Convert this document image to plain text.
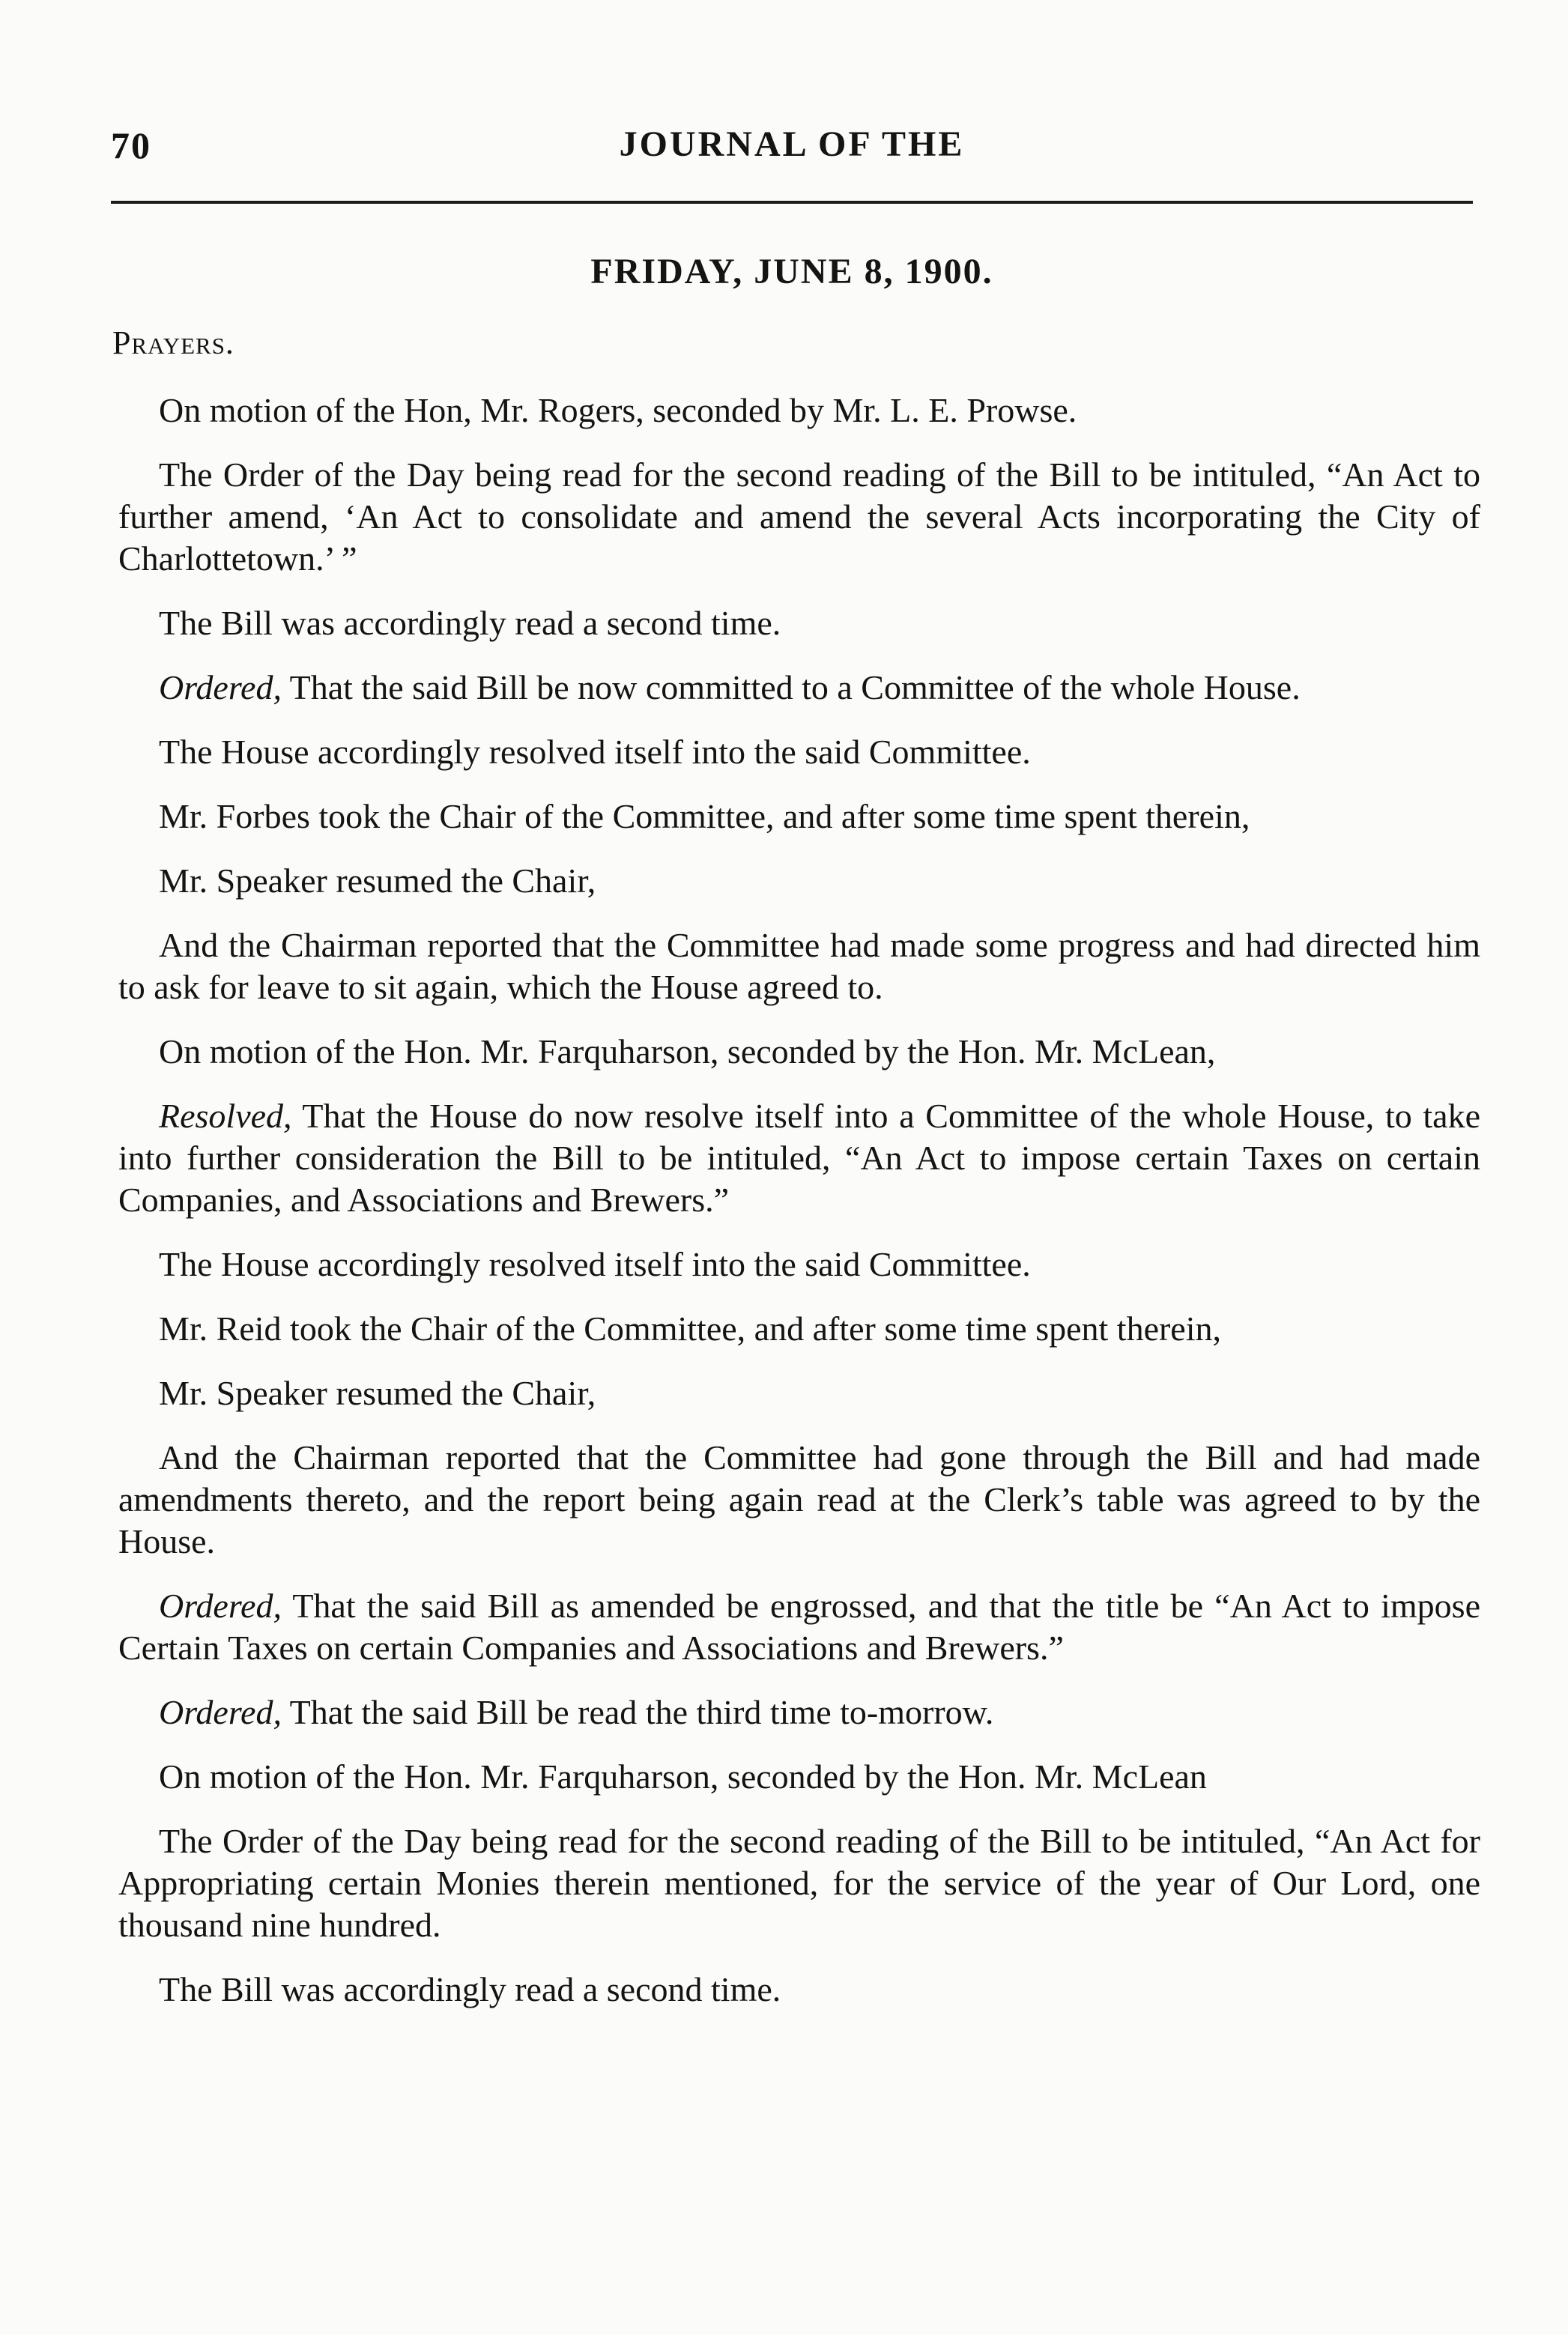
70	JOURNAL OF THE
FRIDAY, JUNE 8, 1900.
Prayers.

On motion of the Hon, Mr. Rogers, seconded by Mr. L. E. Prowse.

The Order of the Day being read for the second reading of the Bill to be intituled, “An Act to further amend, ‘An Act to consolidate and amend the several Acts incorporating the City of Charlottetown.’ ”

The Bill was accordingly read a second time.

Ordered, That the said Bill be now committed to a Committee of the whole House.

The House accordingly resolved itself into the said Committee.

Mr. Forbes took the Chair of the Committee, and after some time spent therein,

Mr. Speaker resumed the Chair,

And the Chairman reported that the Committee had made some progress and had directed him to ask for leave to sit again, which the House agreed to.

On motion of the Hon. Mr. Farquharson, seconded by the Hon. Mr. McLean,

Resolved, That the House do now resolve itself into a Committee of the whole House, to take into further consideration the Bill to be intituled, “An Act to impose certain Taxes on certain Companies, and Associations and Brewers.”

The House accordingly resolved itself into the said Committee.

Mr. Reid took the Chair of the Committee, and after some time spent therein,

Mr. Speaker resumed the Chair,

And the Chairman reported that the Committee had gone through the Bill and had made amendments thereto, and the report being again read at the Clerk’s table was agreed to by the House.

Ordered, That the said Bill as amended be engrossed, and that the title be “An Act to impose Certain Taxes on certain Companies and Associations and Brewers.”

Ordered, That the said Bill be read the third time to-morrow.

On motion of the Hon. Mr. Farquharson, seconded by the Hon. Mr. McLean

The Order of the Day being read for the second reading of the Bill to be intituled, “An Act for Appropriating certain Monies therein mentioned, for the service of the year of Our Lord, one thousand nine hundred.

The Bill was accordingly read a second time.
